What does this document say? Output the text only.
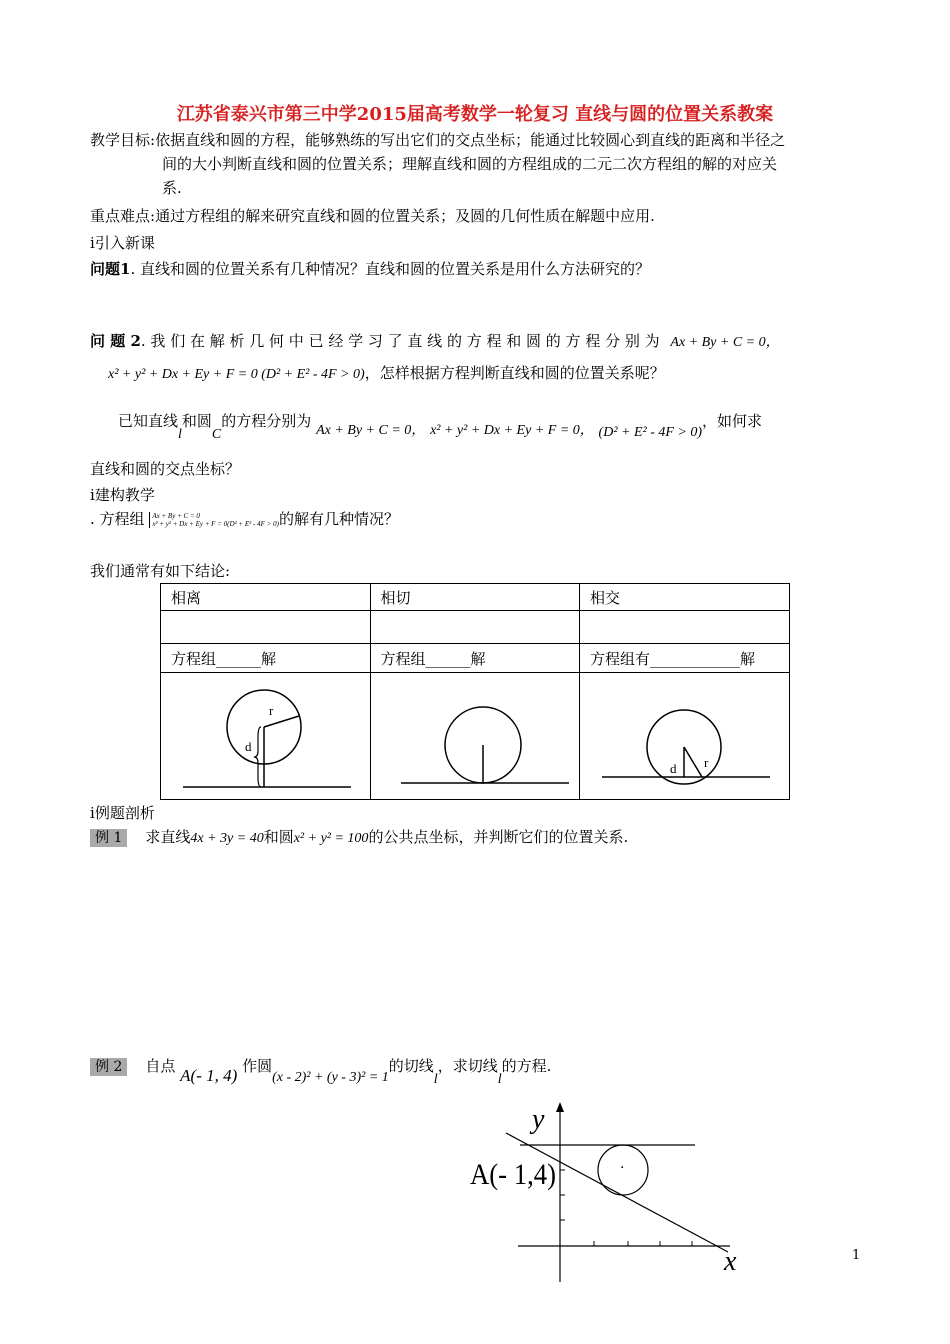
江苏省泰兴市第三中学2015届高考数学一轮复习 直线与圆的位置关系教案
教学目标:依据直线和圆的方程，能够熟练的写出它们的交点坐标；能通过比较圆心到直线的距离和半径之
间的大小判断直线和圆的位置关系；理解直线和圆的方程组成的二元二次方程组的解的对应关
系.
重点难点:通过方程组的解来研究直线和圆的位置关系；及圆的几何性质在解题中应用.
ⅰ引入新课
问题1. 直线和圆的位置关系有几种情况？直线和圆的位置关系是用什么方法研究的？
问 题 2. 我 们 在 解 析 几 何 中 已 经 学 习 了 直 线 的 方 程 和 圆 的 方 程 分 别 为 Ax + By + C = 0，
x² + y² + Dx + Ey + F = 0 (D² + E² - 4F > 0)，怎样根据方程判断直线和圆的位置关系呢？
已知直线l和圆C的方程分别为 Ax + By + C = 0， x² + y² + Dx + Ey + F = 0， (D² + E² - 4F > 0)，如何求
直线和圆的交点坐标？
ⅰ建构教学
. 方程组 Ax + By + C = 0
x² + y² + Dx + Ey + F = 0(D² + E² - 4F > 0) 的解有几种情况？
我们通常有如下结论:
相离	相切	相交

方程组______解	方程组______解	方程组有____________解

r
d		r
d
ⅰ例题剖析
例 1 求直线4x + 3y = 40和圆x² + y² = 100的公共点坐标，并判断它们的位置关系.
例 2 自点 A(- 1, 4) 作圆(x - 2)² + (y - 3)² = 1的切线l，求切线l的方程.
·
y
x
A(- 1,4)
1
